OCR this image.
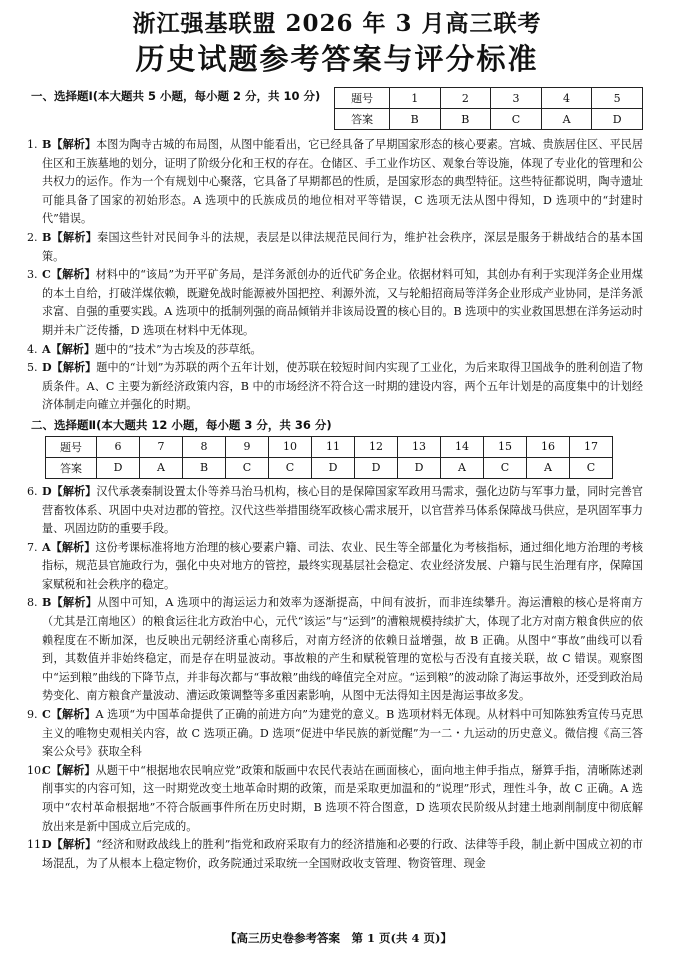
浙江强基联盟 2026 年 3 月高三联考
历史试题参考答案与评分标准
一、选择题Ⅰ(本大题共 5 小题，每小题 2 分，共 10 分)	题号	1	2	3	4	5
答案	B	B	C	A	D

1. B【解析】本图为陶寺古城的布局图，从图中能看出，它已经具备了早期国家形态的核心要素。宫城、贵族居住区、平民居住区和王族墓地的划分，证明了阶级分化和王权的存在。仓储区、手工业作坊区、观象台等设施，体现了专业化的管理和公共权力的运作。作为一个有规划中心聚落，它具备了早期都邑的性质，是国家形态的典型特征。这些特征都说明，陶寺遗址可能具备了国家的初始形态。A 选项中的氏族成员的地位相对平等错误，C 选项无法从图中得知，D 选项中的“封建时代”错误。

2. B【解析】秦国这些针对民间争斗的法规，表层是以律法规范民间行为，维护社会秩序，深层是服务于耕战结合的基本国策。

3. C【解析】材料中的“该局”为开平矿务局，是洋务派创办的近代矿务企业。依据材料可知，其创办有利于实现洋务企业用煤的本土自给，打破洋煤依赖，既避免战时能源被外国把控、利源外流，又与轮船招商局等洋务企业形成产业协同，是洋务派求富、自强的重要实践。A 选项中的抵制列强的商品倾销并非该局设置的核心目的。B 选项中的实业救国思想在洋务运动时期并未广泛传播，D 选项在材料中无体现。

4. A【解析】题中的“技术”为古埃及的莎草纸。

5. D【解析】题中的“计划”为苏联的两个五年计划，使苏联在较短时间内实现了工业化，为后来取得卫国战争的胜利创造了物质条件。A、C 主要为新经济政策内容，B 中的市场经济不符合这一时期的建设内容，两个五年计划是的高度集中的计划经济体制走向確立并强化的时期。

二、选择题Ⅱ(本大题共 12 小题，每小题 3 分，共 36 分)
题号	6	7	8	9	10	11	12	13	14	15	16	17
答案	D	A	B	C	C	D	D	D	A	C	A	C

6. D【解析】汉代承袭秦制设置太仆等养马治马机构，核心目的是保障国家军政用马需求，强化边防与军事力量，同时完善官营畜牧体系、巩固中央对边郡的管控。汉代这些举措围绕军政核心需求展开，以官营养马体系保障战马供应，是巩固军事力量、巩固边防的重要手段。

7. A【解析】这份考课标准将地方治理的核心要素户籍、司法、农业、民生等全部量化为考核指标，通过细化地方治理的考核指标，规范县官施政行为，强化中央对地方的管控，最终实现基层社会稳定、农业经济发展、户籍与民生治理有序，保障国家赋税和社会秩序的稳定。

8. B【解析】从图中可知，A 选项中的海运运力和效率为逐渐提高，中间有波折，而非连续攀升。海运漕粮的核心是将南方（尤其是江南地区）的粮食运往北方政治中心，元代“该运”与“运到”的漕粮规模持续扩大，体现了北方对南方粮食供应的依赖程度在不断加深，也反映出元朝经济重心南移后，对南方经济的依赖日益增强，故 B 正确。从图中“事故”曲线可以看到，其数值并非始终稳定，而是存在明显波动。事故粮的产生和赋税管理的宽松与否没有直接关联，故 C 错误。观察图中“运到粮”曲线的下降节点，并非每次都与“事故粮”曲线的峰值完全对应。“运到粮”的波动除了海运事故外，还受到政治局势变化、南方粮食产量波动、漕运政策调整等多重因素影响，从图中无法得知主因是海运事故多发。

9. C【解析】A 选项“为中国革命提供了正确的前进方向”为建党的意义。B 选项材料无体现。从材料中可知陈独秀宣传马克思主义的唯物史观相关内容，故 C 选项正确。D 选项“促进中华民族的新觉醒”为一二・九运动的历史意义。微信搜《高三答案公众号》获取全科

10.
C【解析】从题干中“根据地农民响应党”政策和版画中农民代表站在画面核心，面向地主伸手指点，掰算手指，清晰陈述剥削事实的内容可知，这一时期党改变土地革命时期的政策，而是采取更加温和的“说理”形式，理性斗争，故 C 正确。A 选项中“农村革命根据地”不符合版画事件所在历史时期，B 选项不符合图意，D 选项农民阶级从封建土地剥削制度中彻底解放出来是新中国成立后完成的。

11.
D【解析】“经济和财政战线上的胜利”指党和政府采取有力的经济措施和必要的行政、法律等手段，制止新中国成立初的市场混乱，为了从根本上稳定物价，政务院通过采取统一全国财政收支管理、物资管理、现金

【高三历史卷参考答案　第 1 页(共 4 页)】
